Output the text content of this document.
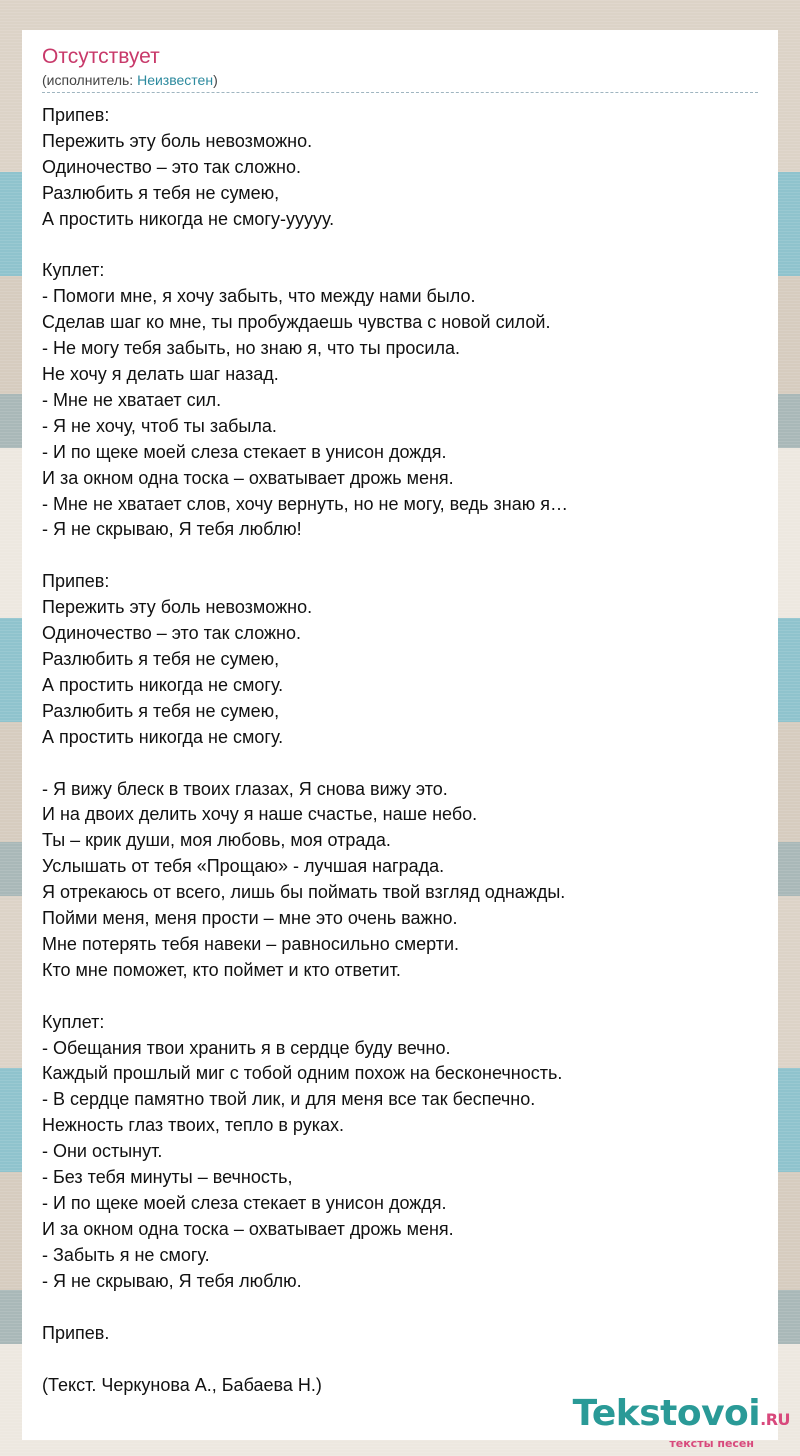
Отсутствует
(исполнитель: Неизвестен)
Припев:
Пережить эту боль невозможно.
Одиночество – это так сложно.
Разлюбить я тебя не сумею,
А простить никогда не смогу-ууууу.
Куплет:
- Помоги мне, я хочу забыть, что между нами было.
Сделав шаг ко мне, ты пробуждаешь чувства с новой силой.
- Не могу тебя забыть, но знаю я, что ты просила.
Не хочу я делать шаг назад.
- Мне не хватает сил.
- Я не хочу, чтоб ты забыла.
- И по щеке моей слеза стекает в унисон дождя.
И за окном одна тоска – охватывает дрожь меня.
- Мне не хватает слов, хочу вернуть, но не могу, ведь знаю я…
- Я не скрываю, Я тебя люблю!
Припев:
Пережить эту боль невозможно.
Одиночество – это так сложно.
Разлюбить я тебя не сумею,
А простить никогда не смогу.
Разлюбить я тебя не сумею,
А простить никогда не смогу.
- Я вижу блеск в твоих глазах, Я снова вижу это.
И на двоих делить хочу я наше счастье, наше небо.
Ты – крик души, моя любовь, моя отрада.
Услышать от тебя «Прощаю» - лучшая награда.
Я отрекаюсь от всего, лишь бы поймать твой взгляд однажды.
Пойми меня, меня прости – мне это очень важно.
Мне потерять тебя навеки – равносильно смерти.
Кто мне поможет, кто поймет и кто ответит.
Куплет:
- Обещания твои хранить я в сердце буду вечно.
Каждый прошлый миг с тобой одним похож на бесконечность.
- В сердце памятно твой лик, и для меня все так беспечно.
Нежность глаз твоих, тепло в руках.
- Они остынут.
- Без тебя минуты – вечность,
- И по щеке моей слеза стекает в унисон дождя.
И за окном одна тоска – охватывает дрожь меня.
- Забыть я не смогу.
- Я не скрываю, Я тебя люблю.
Припев.
(Текст. Черкунова А., Бабаева Н.)
Tekstovoi.RU
тексты песен
